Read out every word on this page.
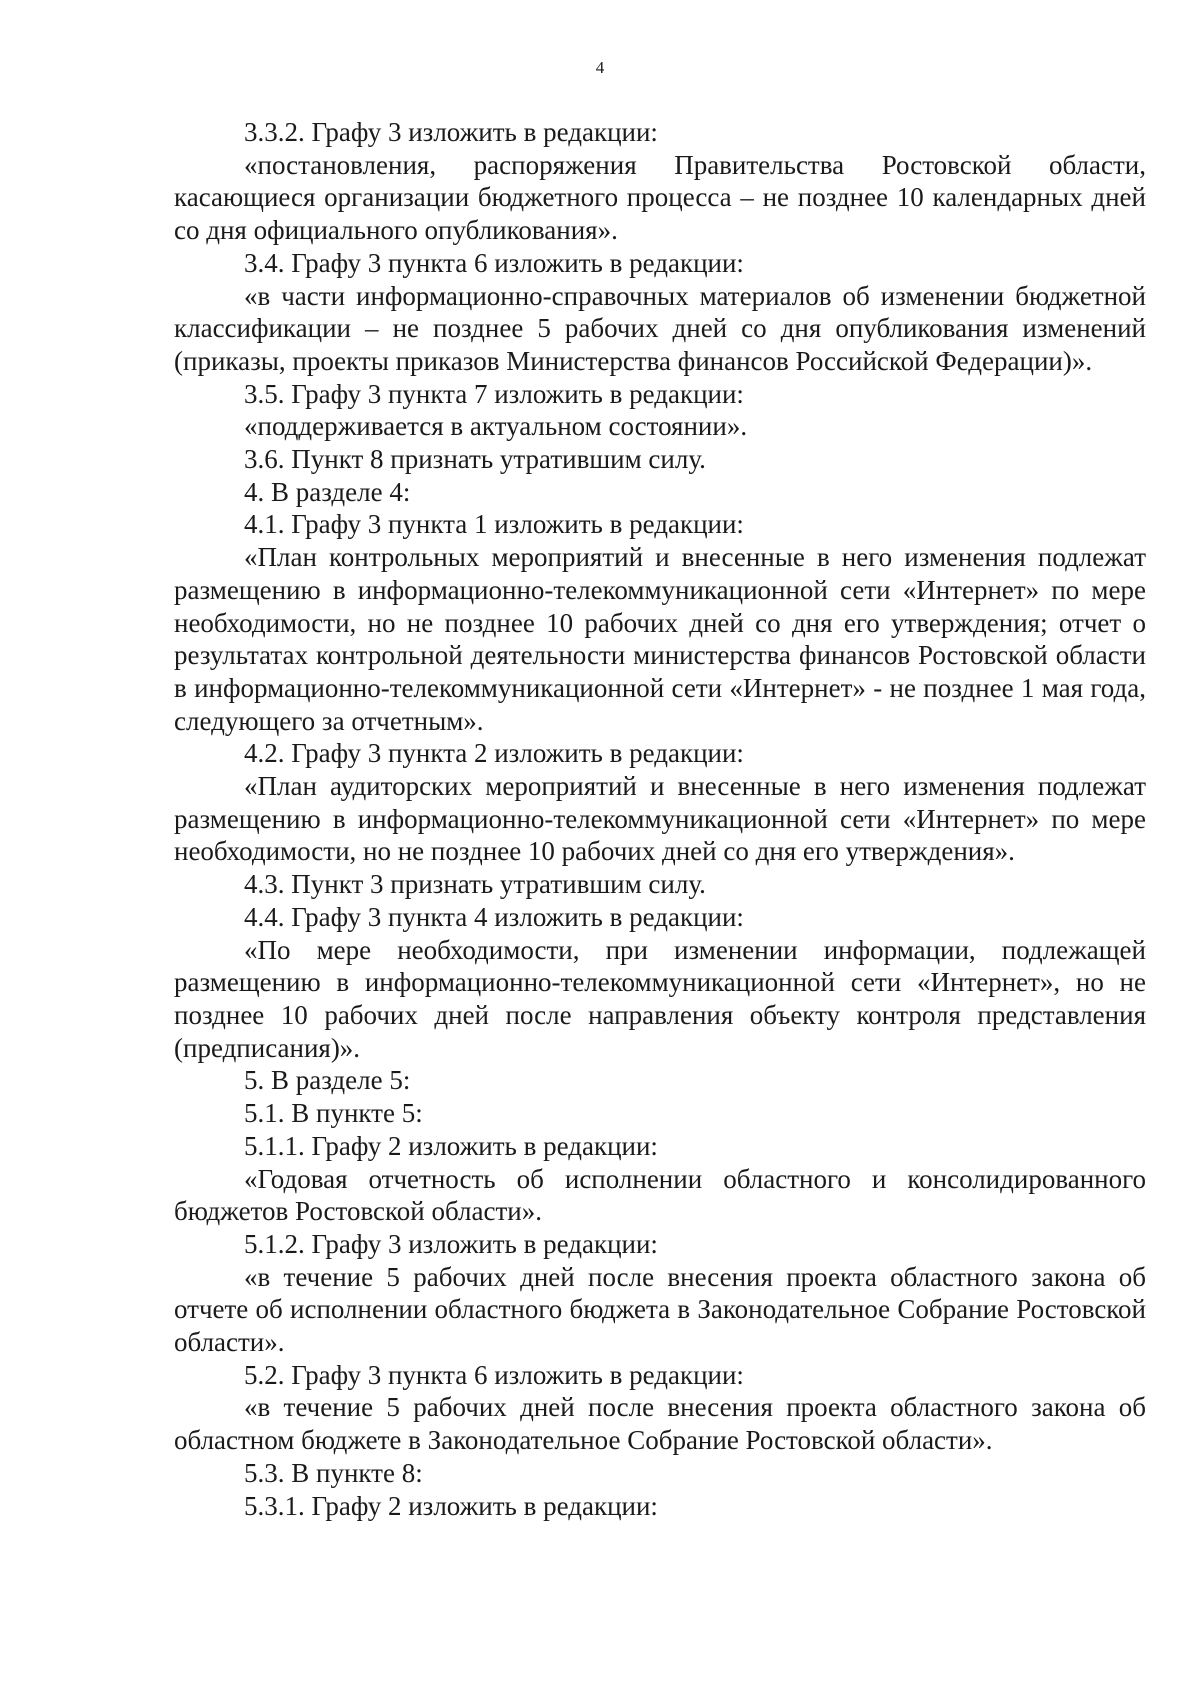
4

3.3.2. Графу 3 изложить в редакции:

«постановления, распоряжения Правительства Ростовской области, касающиеся организации бюджетного процесса – не позднее 10 календарных дней со дня официального опубликования».

3.4. Графу 3 пункта 6 изложить в редакции:

«в части информационно-справочных материалов об изменении бюджетной классификации – не позднее 5 рабочих дней со дня опубликования изменений (приказы, проекты приказов Министерства финансов Российской Федерации)».

3.5. Графу 3 пункта 7 изложить в редакции:

«поддерживается в актуальном состоянии».

3.6. Пункт 8 признать утратившим силу.

4. В разделе 4:

4.1. Графу 3 пункта 1 изложить в редакции:

«План контрольных мероприятий и внесенные в него изменения подлежат размещению в информационно-телекоммуникационной сети «Интернет» по мере необходимости, но не позднее 10 рабочих дней со дня его утверждения; отчет о результатах контрольной деятельности министерства финансов Ростовской области в информационно-телекоммуникационной сети «Интернет» - не позднее 1 мая года, следующего за отчетным».

4.2. Графу 3 пункта 2 изложить в редакции:

«План аудиторских мероприятий и внесенные в него изменения подлежат размещению в информационно-телекоммуникационной сети «Интернет» по мере необходимости, но не позднее 10 рабочих дней со дня его утверждения».

4.3. Пункт 3 признать утратившим силу.

4.4. Графу 3 пункта 4 изложить в редакции:

«По мере необходимости, при изменении информации, подлежащей размещению в информационно-телекоммуникационной сети «Интернет», но не позднее 10 рабочих дней после направления объекту контроля представления (предписания)».

5. В разделе 5:

5.1. В пункте 5:

5.1.1. Графу 2 изложить в редакции:

«Годовая отчетность об исполнении областного и консолидированного бюджетов Ростовской области».

5.1.2. Графу 3 изложить в редакции:

«в течение 5 рабочих дней после внесения проекта областного закона об отчете об исполнении областного бюджета в Законодательное Собрание Ростовской области».

5.2. Графу 3 пункта 6 изложить в редакции:

«в течение 5 рабочих дней после внесения проекта областного закона об областном бюджете в Законодательное Собрание Ростовской области».

5.3. В пункте 8:

5.3.1. Графу 2 изложить в редакции:
